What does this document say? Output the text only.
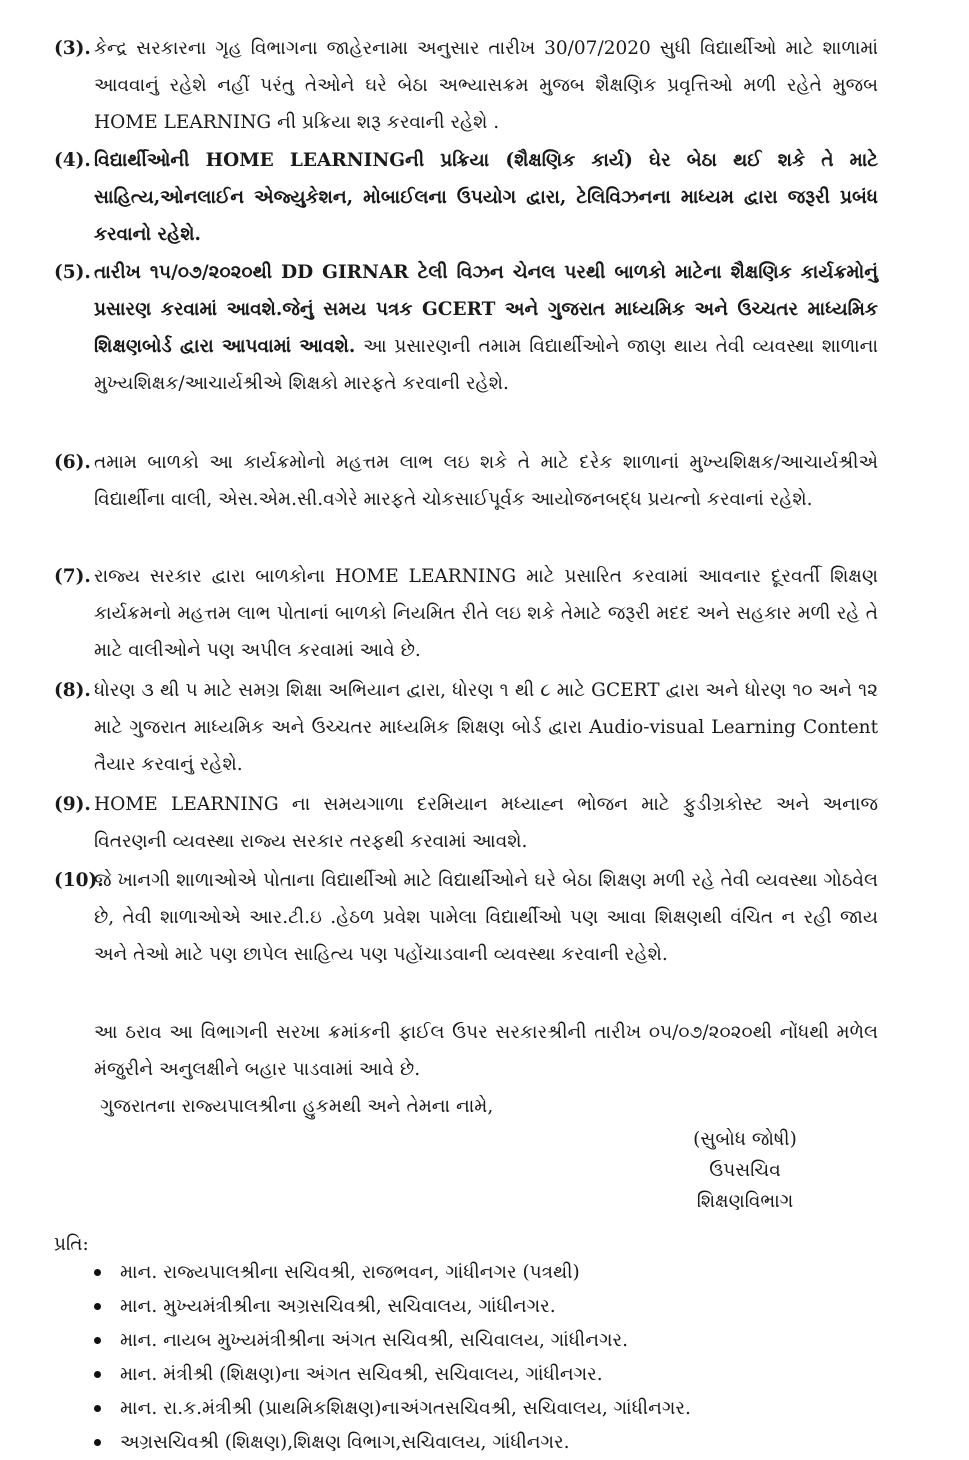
(3). કેન્દ્ર સરકારના ગૃહ વિભાગના જાહેરનામા અનુસાર તારીખ 30/07/2020 સુધી વિદ્યાર્થીઓ માટે શાળામાં આવવાનું રહેશે નહીં પરંતુ તેઓને ઘરે બેઠા અભ્યાસક્રમ મુજબ શૈક્ષણિક પ્રવૃત્તિઓ મળી રહેતે મુજબ HOME LEARNING ની પ્રક્રિયા શરૂ કરવાની રહેશે .
(4). વિદ્યાર્થીઓની HOME LEARNINGની પ્રક્રિયા (શૈક્ષણિક કાર્ય) ઘેર બેઠા થઈ શકે તે માટે સાહિત્ય,ઓનલાઈન એજ્યુકેશન, મોબાઈલના ઉપયોગ દ્વારા, ટેલિવિઝનના માધ્યમ દ્વારા જરૂરી પ્રબંધ કરવાનો રહેશે.
(5). તારીખ ૧૫/૦૭/૨૦૨૦થી DD GIRNAR ટેલી વિઝન ચેનલ પરથી બાળકો માટેના શૈક્ષણિક કાર્યક્રમોનું પ્રસારણ કરવામાં આવશે.જેનું સમય પત્રક GCERT અને ગુજરાત માધ્યમિક અને ઉચ્ચતર માધ્યમિક શિક્ષણબોર્ડ દ્વારા આપવામાં આવશે. આ પ્રસારણની તમામ વિદ્યાર્થીઓને જાણ થાય તેવી વ્યવસ્થા શાળાના મુખ્યશિક્ષક/આચાર્યશ્રીએ શિક્ષકો મારફતે કરવાની રહેશે.
(6). તમામ બાળકો આ કાર્યક્રમોનો મહત્તમ લાભ લઇ શકે તે માટે દરેક શાળાનાં મુખ્યશિક્ષક/આચાર્યશ્રીએ વિદ્યાર્થીના વાલી, એસ.એમ.સી.વગેરે મારફતે ચોકસાઈપૂર્વક આયોજનબદ્ધ પ્રયત્નો કરવાનાં રહેશે.
(7). રાજ્ય સરકાર દ્વારા બાળકોના HOME LEARNING માટે પ્રસારિત કરવામાં આવનાર દૂરવર્તી શિક્ષણ કાર્યક્રમનો મહત્તમ લાભ પોતાનાં બાળકો નિયમિત રીતે લઇ શકે તેમાટે જરૂરી મદદ અને સહકાર મળી રહે તે માટે વાલીઓને પણ અપીલ કરવામાં આવે છે.
(8). ધોરણ ૩ થી ૫ માટે સમગ્ર શિક્ષા અભિયાન દ્વારા, ધોરણ ૧ થી ૮ માટે GCERT દ્વારા અને ધોરણ ૧૦ અને ૧૨ માટે ગુજરાત માધ્યમિક અને ઉચ્ચતર માધ્યમિક શિક્ષણ બોર્ડ દ્વારા Audio-visual Learning Content તૈયાર કરવાનું રહેશે.
(9). HOME LEARNING ના સમયગાળા દરમિયાન મધ્યાહ્ન ભોજન માટે ફુડીગ્રકોસ્ટ અને અનાજ વિતરણની વ્યવસ્થા રાજ્ય સરકાર તરફથી કરવામાં આવશે.
(10).
જે ખાનગી શાળાઓએ પોતાના વિદ્યાર્થીઓ માટે વિદ્યાર્થીઓને ઘરે બેઠા શિક્ષણ મળી રહે તેવી વ્યવસ્થા ગોઠવેલ છે, તેવી શાળાઓએ આર.ટી.ઇ .હેઠળ પ્રવેશ પામેલા વિદ્યાર્થીઓ પણ આવા શિક્ષણથી વંચિત ન રહી જાય અને તેઓ માટે પણ છાપેલ સાહિત્ય પણ પહોંચાડવાની વ્યવસ્થા કરવાની રહેશે.
આ ઠરાવ આ વિભાગની સરખા ક્રમાંકની ફાઈલ ઉપર સરકારશ્રીની તારીખ ૦૫/૦૭/૨૦૨૦થી નોંધથી મળેલ મંજુરીને અનુલક્ષીને બહાર પાડવામાં આવે છે.
ગુજરાતના રાજ્યપાલશ્રીના હુકમથી અને તેમના નામે,
(સુબોધ જોષી)
ઉપસચિવ
શિક્ષણવિભાગ
પ્રતિ:
માન. રાજ્યપાલશ્રીના સચિવશ્રી, રાજભવન, ગાંધીનગર (પત્રથી)
માન. મુખ્યમંત્રીશ્રીના અગ્રસચિવશ્રી, સચિવાલય, ગાંધીનગર.
માન. નાયબ મુખ્યમંત્રીશ્રીના અંગત સચિવશ્રી, સચિવાલય, ગાંધીનગર.
માન. મંત્રીશ્રી (શિક્ષણ)ના અંગત સચિવશ્રી, સચિવાલય, ગાંધીનગર.
માન. રા.ક.મંત્રીશ્રી (પ્રાથમિકશિક્ષણ)નાઅંગતસચિવશ્રી, સચિવાલય, ગાંધીનગર.
અગ્રસચિવશ્રી (શિક્ષણ),શિક્ષણ વિભાગ,સચિવાલય, ગાંધીનગર.
